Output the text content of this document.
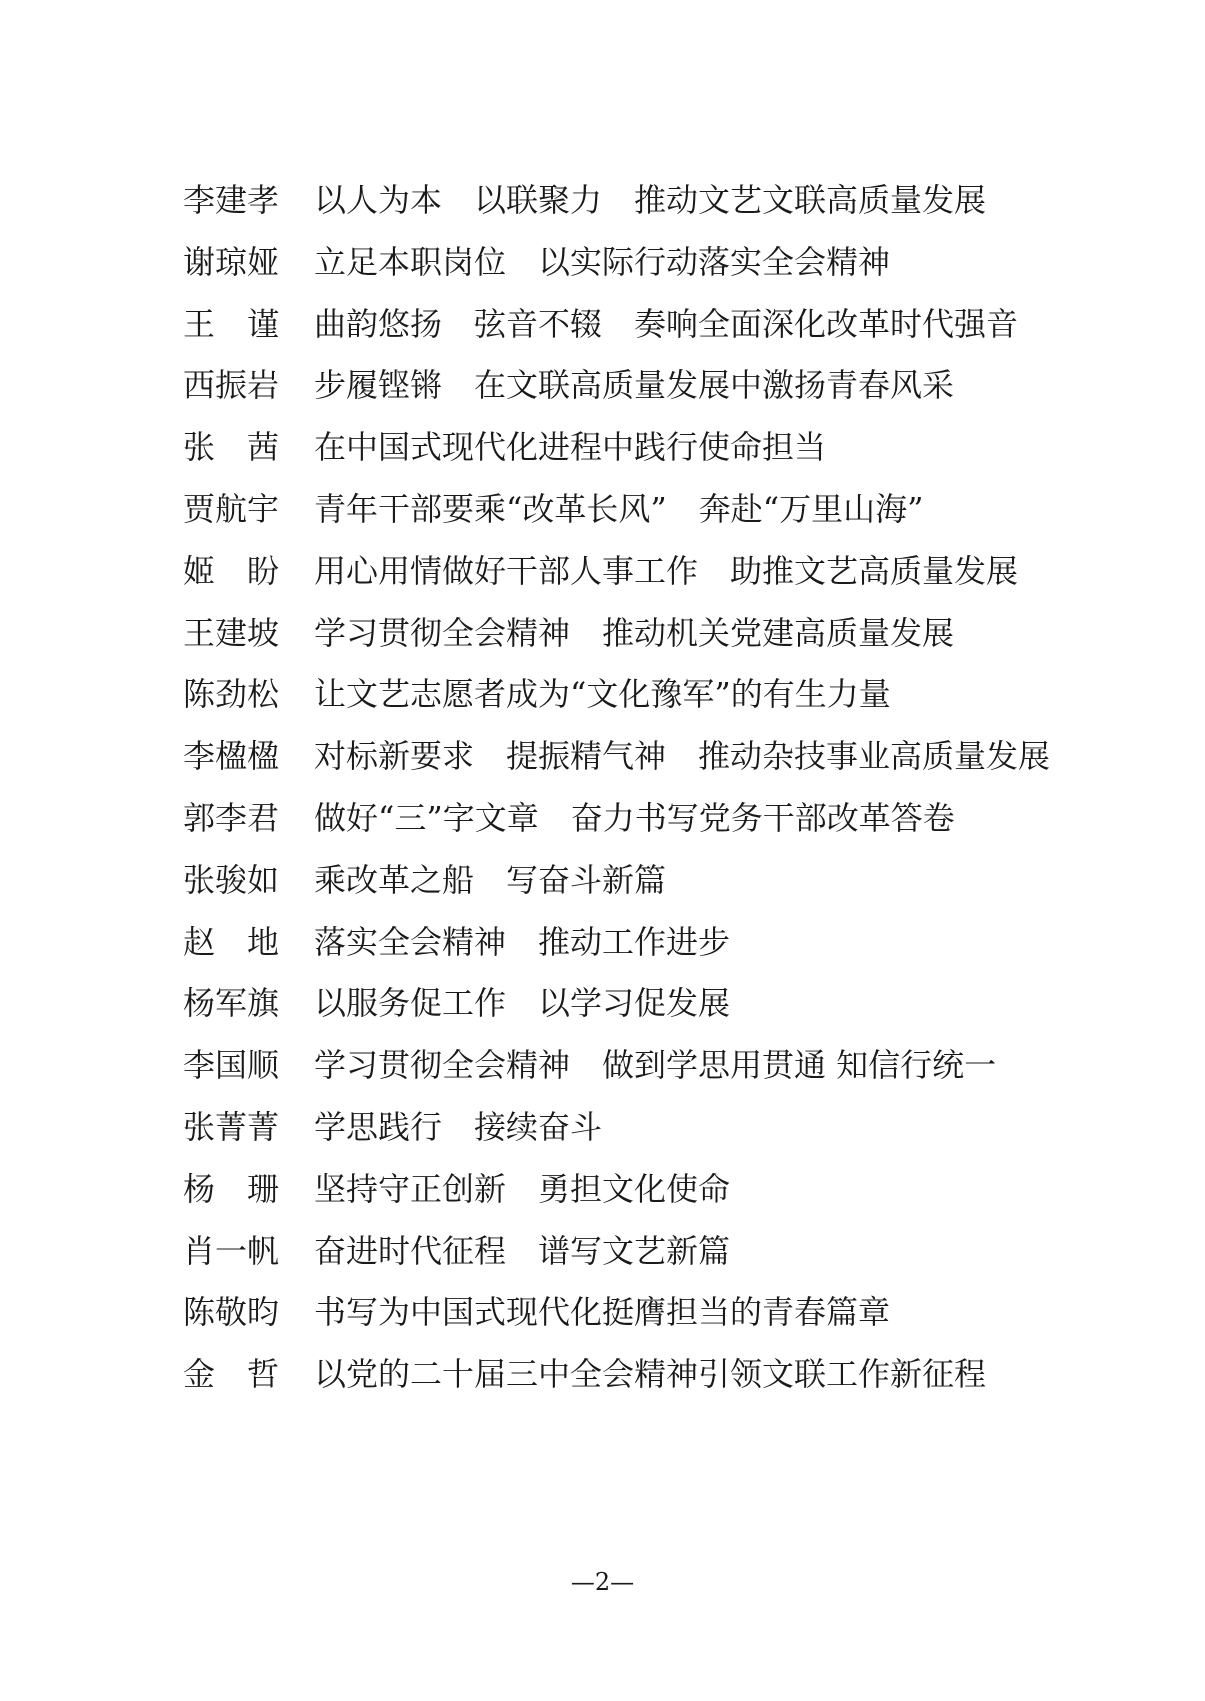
李建孝	以人为本　以联聚力　推动文艺文联高质量发展
谢琼娅	立足本职岗位　以实际行动落实全会精神
王谨 曲韵悠扬　弦音不辍　奏响全面深化改革时代强音
西振岩	步履铿锵　在文联高质量发展中激扬青春风采
张茜 在中国式现代化进程中践行使命担当
贾航宇	青年干部要乘“改革长风”　奔赴“万里山海”
姬盼 用心用情做好干部人事工作　助推文艺高质量发展
王建坡	学习贯彻全会精神　推动机关党建高质量发展
陈劲松	让文艺志愿者成为“文化豫军”的有生力量
李楹楹	对标新要求　提振精气神　推动杂技事业高质量发展
郭李君	做好“三”字文章　奋力书写党务干部改革答卷
张骏如	乘改革之船　写奋斗新篇
赵地 落实全会精神　推动工作进步
杨军旗	以服务促工作　以学习促发展
李国顺	学习贯彻全会精神　做到学思用贯通 知信行统一
张菁菁	学思践行　接续奋斗
杨珊 坚持守正创新　勇担文化使命
肖一帆	奋进时代征程　谱写文艺新篇
陈敬昀	书写为中国式现代化挺膺担当的青春篇章
金哲 以党的二十届三中全会精神引领文联工作新征程
—2—
